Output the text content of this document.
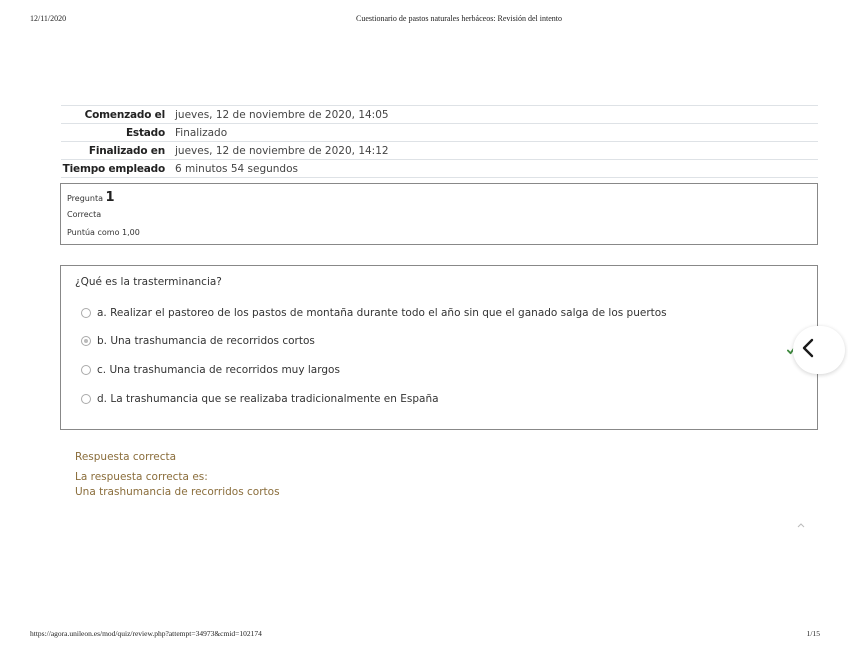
12/11/2020	Cuestionario de pastos naturales herbáceos: Revisión del intento
Comenzado el	jueves, 12 de noviembre de 2020, 14:05
Estado	Finalizado
Finalizado en	jueves, 12 de noviembre de 2020, 14:12
Tiempo empleado	6 minutos 54 segundos
Pregunta 1
Correcta
Puntúa como 1,00
¿Qué es la trasterminancia?
a. Realizar el pastoreo de los pastos de montaña durante todo el año sin que el ganado salga de los puertos
b. Una trashumancia de recorridos cortos
c. Una trashumancia de recorridos muy largos
d. La trashumancia que se realizaba tradicionalmente en España
Respuesta correcta
La respuesta correcta es:
Una trashumancia de recorridos cortos
https://agora.unileon.es/mod/quiz/review.php?attempt=34973&cmid=102174	1/15
